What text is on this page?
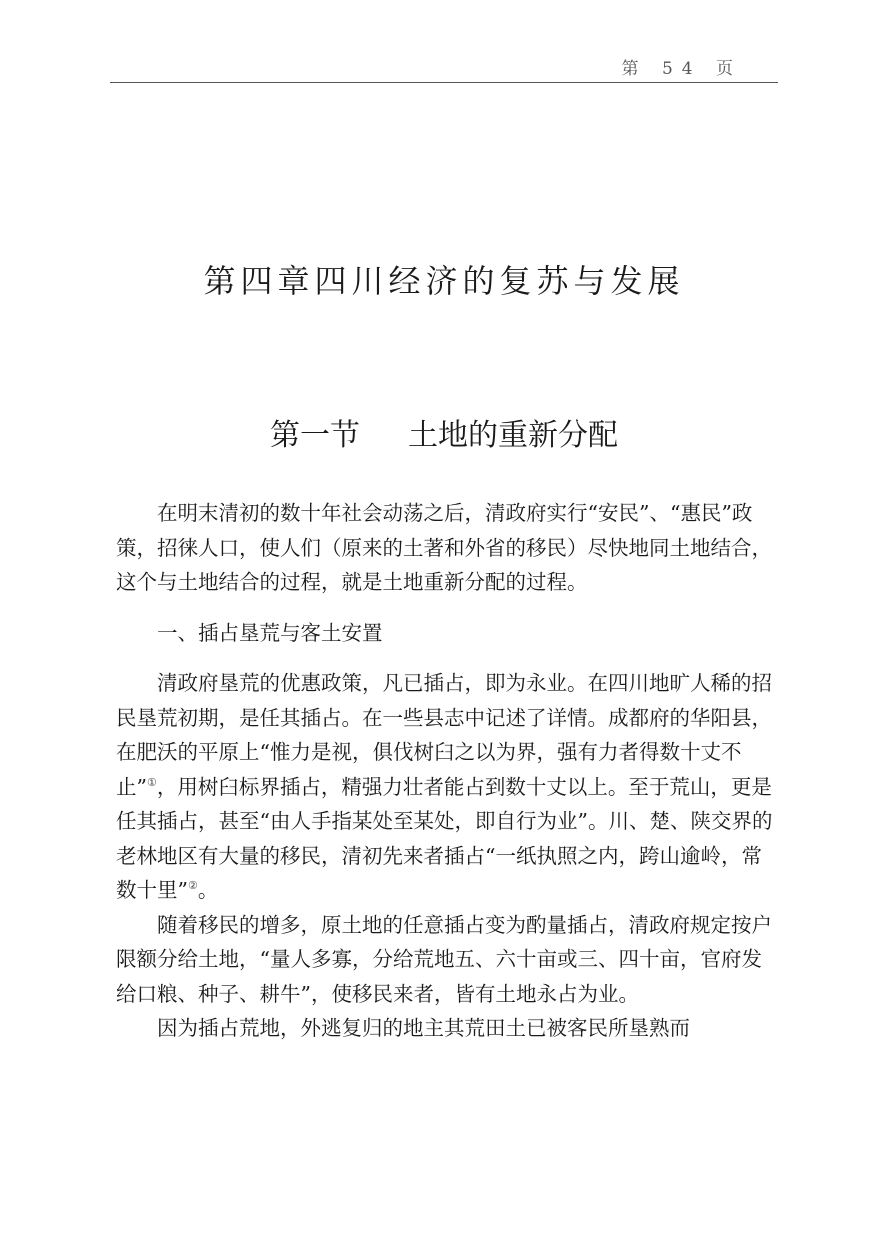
第 54 页
第四章四川经济的复苏与发展
第一节 土地的重新分配

在明末清初的数十年社会动荡之后，清政府实行“安民”、“惠民”政策，招徕人口，使人们（原来的土著和外省的移民）尽快地同土地结合，这个与土地结合的过程，就是土地重新分配的过程。

一、插占垦荒与客土安置

清政府垦荒的优惠政策，凡已插占，即为永业。在四川地旷人稀的招民垦荒初期，是任其插占。在一些县志中记述了详情。成都府的华阳县，在肥沃的平原上“惟力是视，俱伐树臼之以为界，强有力者得数十丈不止”①，用树臼标界插占，精强力壮者能占到数十丈以上。至于荒山，更是任其插占，甚至“由人手指某处至某处，即自行为业”。川、楚、陕交界的老林地区有大量的移民，清初先来者插占“一纸执照之内，跨山逾岭，常数十里”②。

随着移民的增多，原土地的任意插占变为酌量插占，清政府规定按户限额分给土地，“量人多寡，分给荒地五、六十亩或三、四十亩，官府发给口粮、种子、耕牛”，使移民来者，皆有土地永占为业。

因为插占荒地，外逃复归的地主其荒田土已被客民所垦熟而
